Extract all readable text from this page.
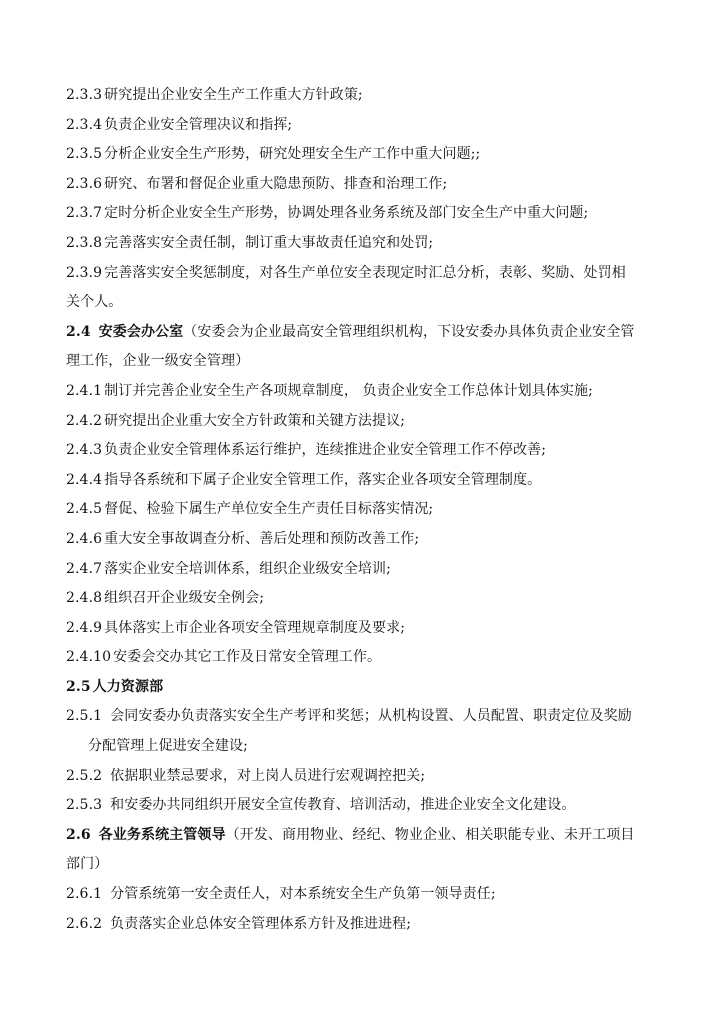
2.3.3 研究提出企业安全生产工作重大方针政策;
2.3.4 负责企业安全管理决议和指挥;
2.3.5 分析企业安全生产形势，研究处理安全生产工作中重大问题;;
2.3.6 研究、布署和督促企业重大隐患预防、排查和治理工作;
2.3.7 定时分析企业安全生产形势，协调处理各业务系统及部门安全生产中重大问题;
2.3.8 完善落实安全责任制，制订重大事故责任追究和处罚;
2.3.9 完善落实安全奖惩制度，对各生产单位安全表现定时汇总分析，表彰、奖励、处罚相
关个人。
2.4 安委会办公室（安委会为企业最高安全管理组织机构，下设安委办具体负责企业安全管
理工作，企业一级安全管理）
2.4.1 制订并完善企业安全生产各项规章制度， 负责企业安全工作总体计划具体实施;
2.4.2 研究提出企业重大安全方针政策和关键方法提议;
2.4.3 负责企业安全管理体系运行维护，连续推进企业安全管理工作不停改善;
2.4.4 指导各系统和下属子企业安全管理工作，落实企业各项安全管理制度。
2.4.5 督促、检验下属生产单位安全生产责任目标落实情况;
2.4.6 重大安全事故调查分析、善后处理和预防改善工作;
2.4.7 落实企业安全培训体系，组织企业级安全培训;
2.4.8 组织召开企业级安全例会;
2.4.9 具体落实上市企业各项安全管理规章制度及要求;
2.4.10 安委会交办其它工作及日常安全管理工作。
2.5 人力资源部
2.5.1 会同安委办负责落实安全生产考评和奖惩；从机构设置、人员配置、职责定位及奖励
分配管理上促进安全建设;
2.5.2 依据职业禁忌要求，对上岗人员进行宏观调控把关;
2.5.3 和安委办共同组织开展安全宣传教育、培训活动，推进企业安全文化建设。
2.6 各业务系统主管领导（开发、商用物业、经纪、物业企业、相关职能专业、未开工项目
部门）
2.6.1 分管系统第一安全责任人，对本系统安全生产负第一领导责任;
2.6.2 负责落实企业总体安全管理体系方针及推进进程;
